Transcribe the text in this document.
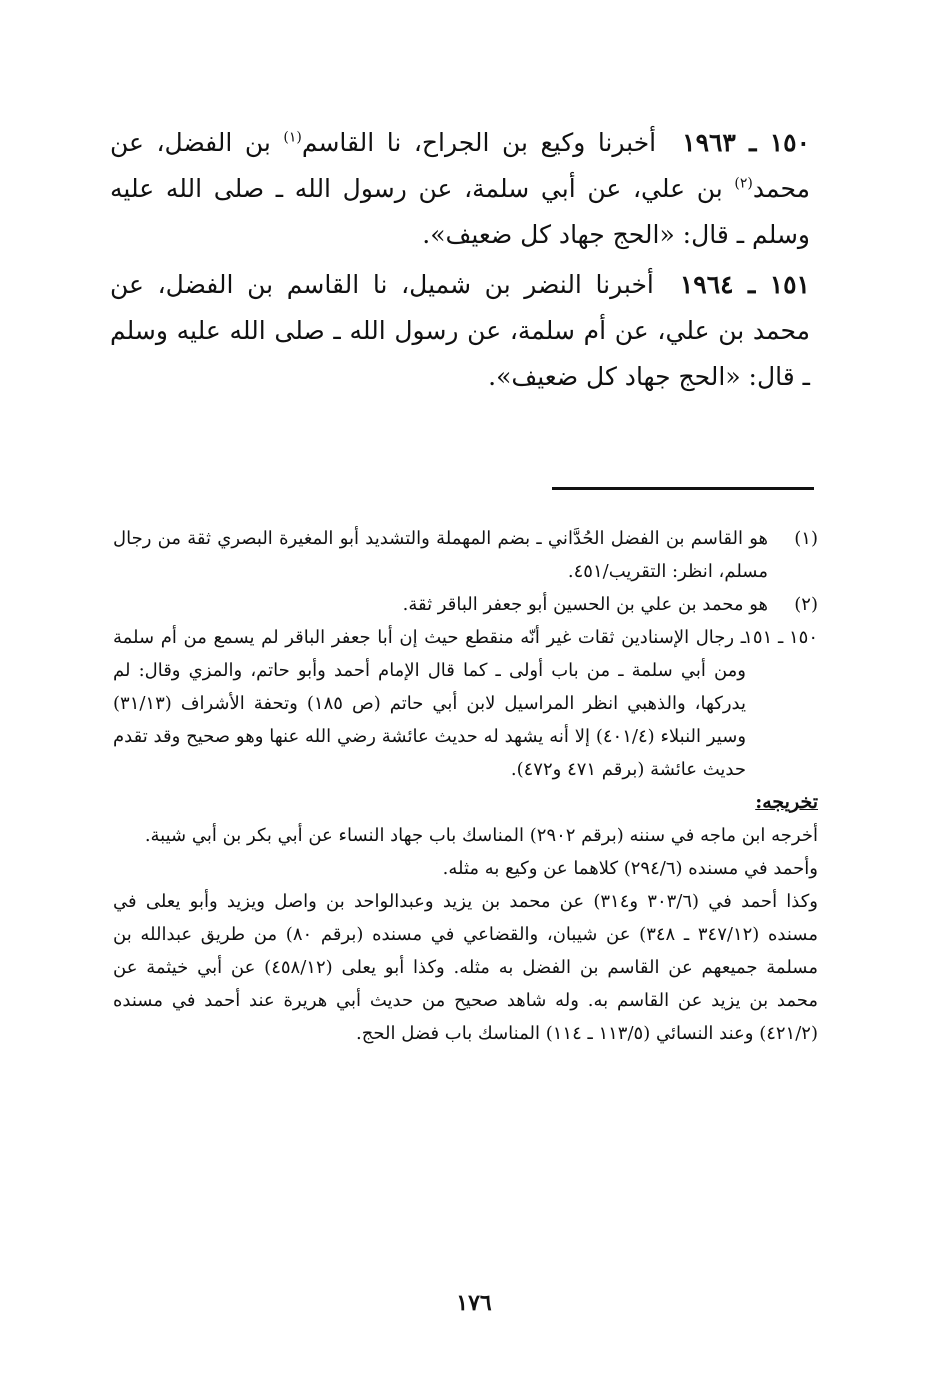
١٥٠ ـ ١٩٦٣أخبرنا وكيع بن الجراح، نا القاسم$^{(١)}$ بن الفضل، عن محمد$^{(٢)}$ بن علي، عن أبي سلمة، عن رسول الله ـ صلى الله عليه وسلم ـ قال: «الحج جهاد كل ضعيف».

١٥١ ـ ١٩٦٤أخبرنا النضر بن شميل، نا القاسم بن الفضل، عن محمد بن علي، عن أم سلمة، عن رسول الله ـ صلى الله عليه وسلم ـ قال: «الحج جهاد كل ضعيف».

(١)
هو القاسم بن الفضل الحُدَّاني ـ بضم المهملة والتشديد أبو المغيرة البصري ثقة من رجال مسلم، انظر: التقريب/٤٥١.
(٢)
هو محمد بن علي بن الحسين أبو جعفر الباقر ثقة.
١٥٠ ـ ١٥١
ـ رجال الإسنادين ثقات غير أنّه منقطع حيث إن أبا جعفر الباقر لم يسمع من أم سلمة ومن أبي سلمة ـ من باب أولى ـ كما قال الإمام أحمد وأبو حاتم، والمزي وقال: لم يدركها، والذهبي انظر المراسيل لابن أبي حاتم (ص ١٨٥) وتحفة الأشراف (٣١/١٣) وسير النبلاء (٤٠١/٤) إلا أنه يشهد له حديث عائشة رضي الله عنها وهو صحيح وقد تقدم حديث عائشة (برقم ٤٧١ و٤٧٢).
تخريجه:
أخرجه ابن ماجه في سننه (برقم ٢٩٠٢) المناسك باب جهاد النساء عن أبي بكر بن أبي شيبة.
وأحمد في مسنده (٢٩٤/٦) كلاهما عن وكيع به مثله.
وكذا أحمد في (٣٠٣/٦ و٣١٤) عن محمد بن يزيد وعبدالواحد بن واصل ويزيد وأبو يعلى في مسنده (٣٤٧/١٢ ـ ٣٤٨) عن شيبان، والقضاعي في مسنده (برقم ٨٠) من طريق عبدالله بن مسلمة جميعهم عن القاسم بن الفضل به مثله. وكذا أبو يعلى (٤٥٨/١٢) عن أبي خيثمة عن محمد بن يزيد عن القاسم به. وله شاهد صحيح من حديث أبي هريرة عند أحمد في مسنده (٤٢١/٢) وعند النسائي (١١٣/٥ ـ ١١٤) المناسك باب فضل الحج.
١٧٦
